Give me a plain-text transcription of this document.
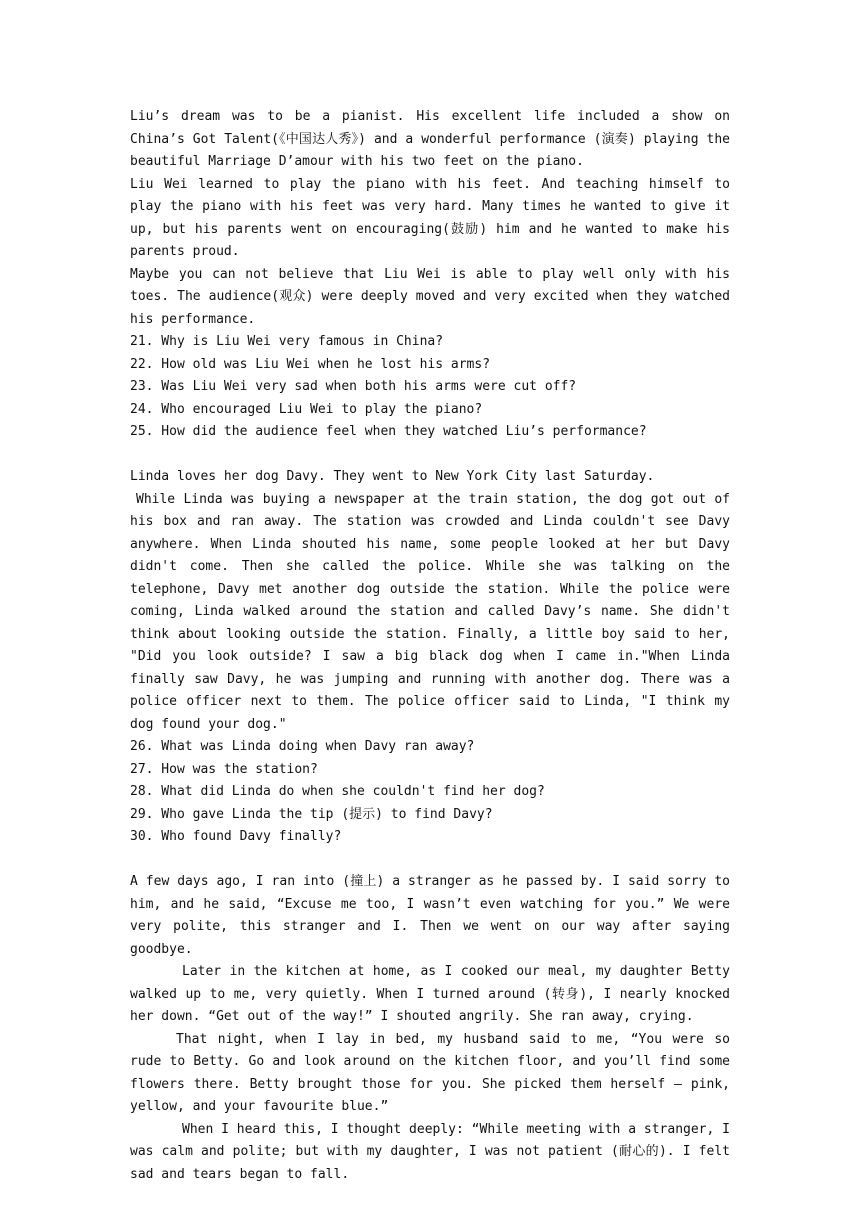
Liu’s dream was to be a pianist. His excellent life included a show on China’s Got Talent(《中国达人秀》) and a wonderful performance (演奏) playing the beautiful Marriage D’amour with his two feet on the piano.

Liu Wei learned to play the piano with his feet. And teaching himself to play the piano with his feet was very hard. Many times he wanted to give it up, but his parents went on encouraging(鼓励) him and he wanted to make his parents proud.

Maybe you can not believe that Liu Wei is able to play well only with his toes. The audience(观众) were deeply moved and very excited when they watched his performance.

21. Why is Liu Wei very famous in China?
22. How old was Liu Wei when he lost his arms?
23. Was Liu Wei very sad when both his arms were cut off?
24. Who encouraged Liu Wei to play the piano?
25. How did the audience feel when they watched Liu’s performance?

Linda loves her dog Davy. They went to New York City last Saturday.

While Linda was buying a newspaper at the train station, the dog got out of his box and ran away. The station was crowded and Linda couldn't see Davy anywhere. When Linda shouted his name, some people looked at her but Davy didn't come. Then she called the police. While she was talking on the telephone, Davy met another dog outside the station. While the police were coming, Linda walked around the station and called Davy’s name. She didn't think about looking outside the station. Finally, a little boy said to her, "Did you look outside? I saw a big black dog when I came in."When Linda finally saw Davy, he was jumping and running with another dog. There was a police officer next to them. The police officer said to Linda, "I think my dog found your dog."

26. What was Linda doing when Davy ran away?
27. How was the station?
28. What did Linda do when she couldn't find her dog?
29. Who gave Linda the tip (提示) to find Davy?
30. Who found Davy finally?

A few days ago, I ran into (撞上) a stranger as he passed by. I said sorry to him, and he said, “Excuse me too, I wasn’t even watching for you.” We were very polite, this stranger and I. Then we went on our way after saying goodbye.

Later in the kitchen at home, as I cooked our meal, my daughter Betty walked up to me, very quietly. When I turned around (转身), I nearly knocked her down. “Get out of the way!” I shouted angrily. She ran away, crying.

That night, when I lay in bed, my husband said to me, “You were so rude to Betty. Go and look around on the kitchen floor, and you’ll find some flowers there. Betty brought those for you. She picked them herself — pink, yellow, and your favourite blue.”

When I heard this, I thought deeply: “While meeting with a stranger, I was calm and polite; but with my daughter, I was not patient (耐心的). I felt sad and tears began to fall.
